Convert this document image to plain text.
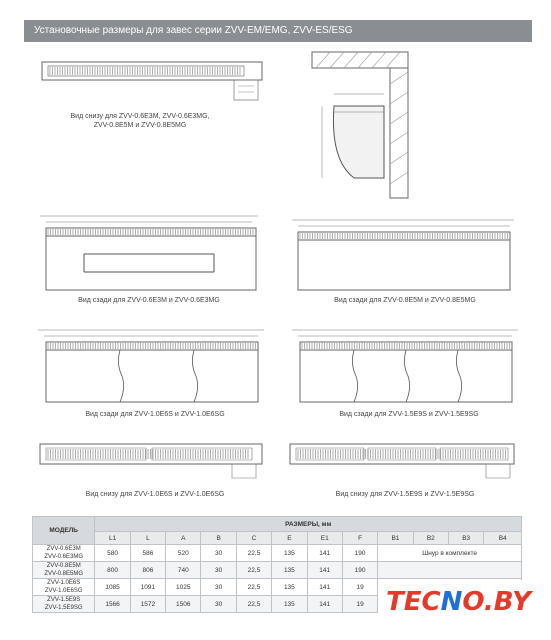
Установочные размеры для завес серии ZVV-EM/EMG, ZVV-ES/ESG
Вид снизу для ZVV-0.6E3M, ZVV-0.6E3MG,
ZVV-0.8E5M и ZVV-0.8E5MG
Вид сзади для ZVV-0.6E3M и ZVV-0.6E3MG	Вид сзади для ZVV-0.8E5M и ZVV-0.8E5MG
Вид сзади для ZVV-1.0E6S и ZVV-1.0E6SG	Вид сзади для ZVV-1.5E9S и ZVV-1.5E9SG
Вид снизу для ZVV-1.0E6S и ZVV-1.0E6SG	Вид снизу для ZVV-1.5E9S и ZVV-1.5E9SG
МОДЕЛЬ	РАЗМЕРЫ, мм											
	L1	L	A	B	C	E	E1	F	B1	B2	B3	B4
ZVV-0.6E3M
ZVV-0.6E3MG	580	586	520	30	22,5	135	141	190	Шнур в комплекте			
ZVV-0.8E5M
ZVV-0.8E5MG	800	806	740	30	22,5	135	141	190				
ZVV-1.0E6S
ZVV-1.0E6SG	1085	1091	1025	30	22,5	135	141	19				
ZVV-1.5E9S
ZVV-1.5E9SG	1566	1572	1506	30	22,5	135	141	19				TECNO.BY
